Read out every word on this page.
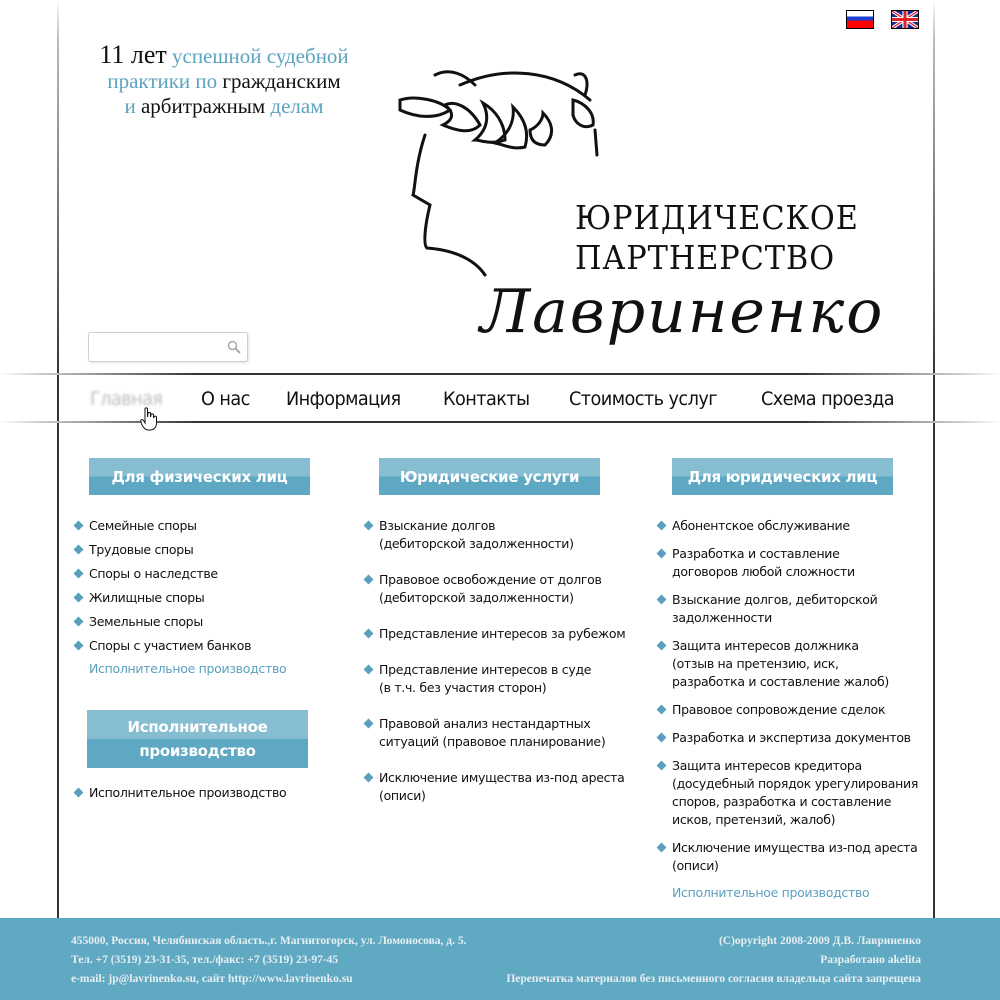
11 лет успешной судебной
практики по гражданским
и арбитражным делам
ЮРИДИЧЕСКОЕ
ПАРТНЕРСТВО
Лавриненко
Главная О нас Информация Контакты Стоимость услуг Схема проезда
Для физических лиц
Семейные споры
Трудовые споры
Споры о наследстве
Жилищные споры
Земельные споры
Споры с участием банков
Исполнительное производство
Исполнительное
производство
Исполнительное производство
Юридические услуги
Взыскание долгов
(дебиторской задолженности)
Правовое освобождение от долгов
(дебиторской задолженности)
Представление интересов за рубежом
Представление интересов в суде
(в т.ч. без участия сторон)
Правовой анализ нестандартных
ситуаций (правовое планирование)
Исключение имущества из-под ареста
(описи)
Для юридических лиц
Абонентское обслуживание
Разработка и составление
договоров любой сложности
Взыскание долгов, дебиторской
задолженности
Защита интересов должника
(отзыв на претензию, иск,
разработка и составление жалоб)
Правовое сопровождение сделок
Разработка и экспертиза документов
Защита интересов кредитора
(досудебный порядок урегулирования
споров, разработка и составление
исков, претензий, жалоб)
Исключение имущества из-под ареста
(описи)
Исполнительное производство
455000, Россия, Челябинская область.,г. Магнитогорск, ул. Ломоносова, д. 5.
Тел. +7 (3519) 23-31-35, тел./факс: +7 (3519) 23-97-45
e-mail: jp@lavrinenko.su, сайт http://www.lavrinenko.su
(C)opyright 2008-2009 Д.В. Лавриненко
Разработано akelita
Перепечатка материалов без письменного согласия владельца сайта запрещена
